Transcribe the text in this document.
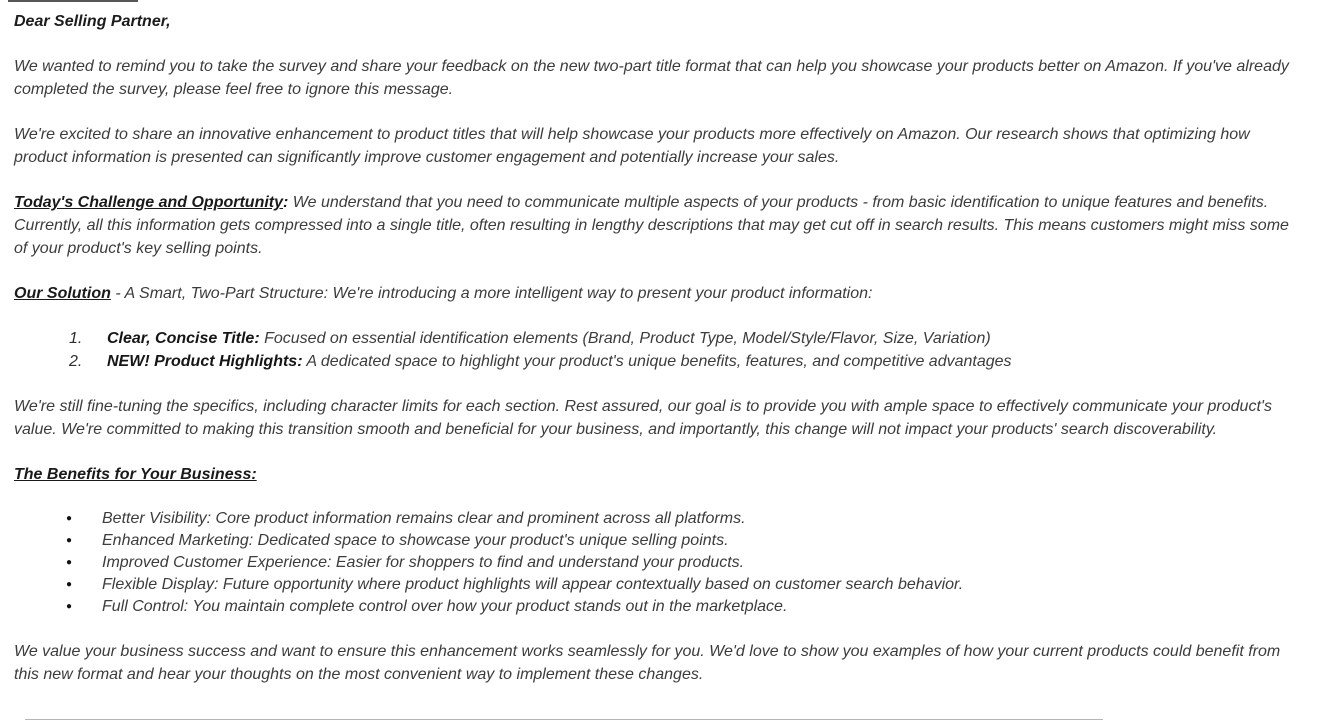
Dear Selling Partner,

We wanted to remind you to take the survey and share your feedback on the new two-part title format that can help you showcase your products better on Amazon. If you've already completed the survey, please feel free to ignore this message.

We're excited to share an innovative enhancement to product titles that will help showcase your products more effectively on Amazon. Our research shows that optimizing how product information is presented can significantly improve customer engagement and potentially increase your sales.

Today's Challenge and Opportunity: We understand that you need to communicate multiple aspects of your products - from basic identification to unique features and benefits. Currently, all this information gets compressed into a single title, often resulting in lengthy descriptions that may get cut off in search results. This means customers might miss some of your product's key selling points.

Our Solution - A Smart, Two-Part Structure: We're introducing a more intelligent way to present your product information:

1. Clear, Concise Title: Focused on essential identification elements (Brand, Product Type, Model/Style/Flavor, Size, Variation)
2. NEW! Product Highlights: A dedicated space to highlight your product's unique benefits, features, and competitive advantages

We're still fine-tuning the specifics, including character limits for each section. Rest assured, our goal is to provide you with ample space to effectively communicate your product's value. We're committed to making this transition smooth and beneficial for your business, and importantly, this change will not impact your products' search discoverability.

The Benefits for Your Business:

● Better Visibility: Core product information remains clear and prominent across all platforms.
● Enhanced Marketing: Dedicated space to showcase your product's unique selling points.
● Improved Customer Experience: Easier for shoppers to find and understand your products.
● Flexible Display: Future opportunity where product highlights will appear contextually based on customer search behavior.
● Full Control: You maintain complete control over how your product stands out in the marketplace.

We value your business success and want to ensure this enhancement works seamlessly for you. We'd love to show you examples of how your current products could benefit from this new format and hear your thoughts on the most convenient way to implement these changes.
